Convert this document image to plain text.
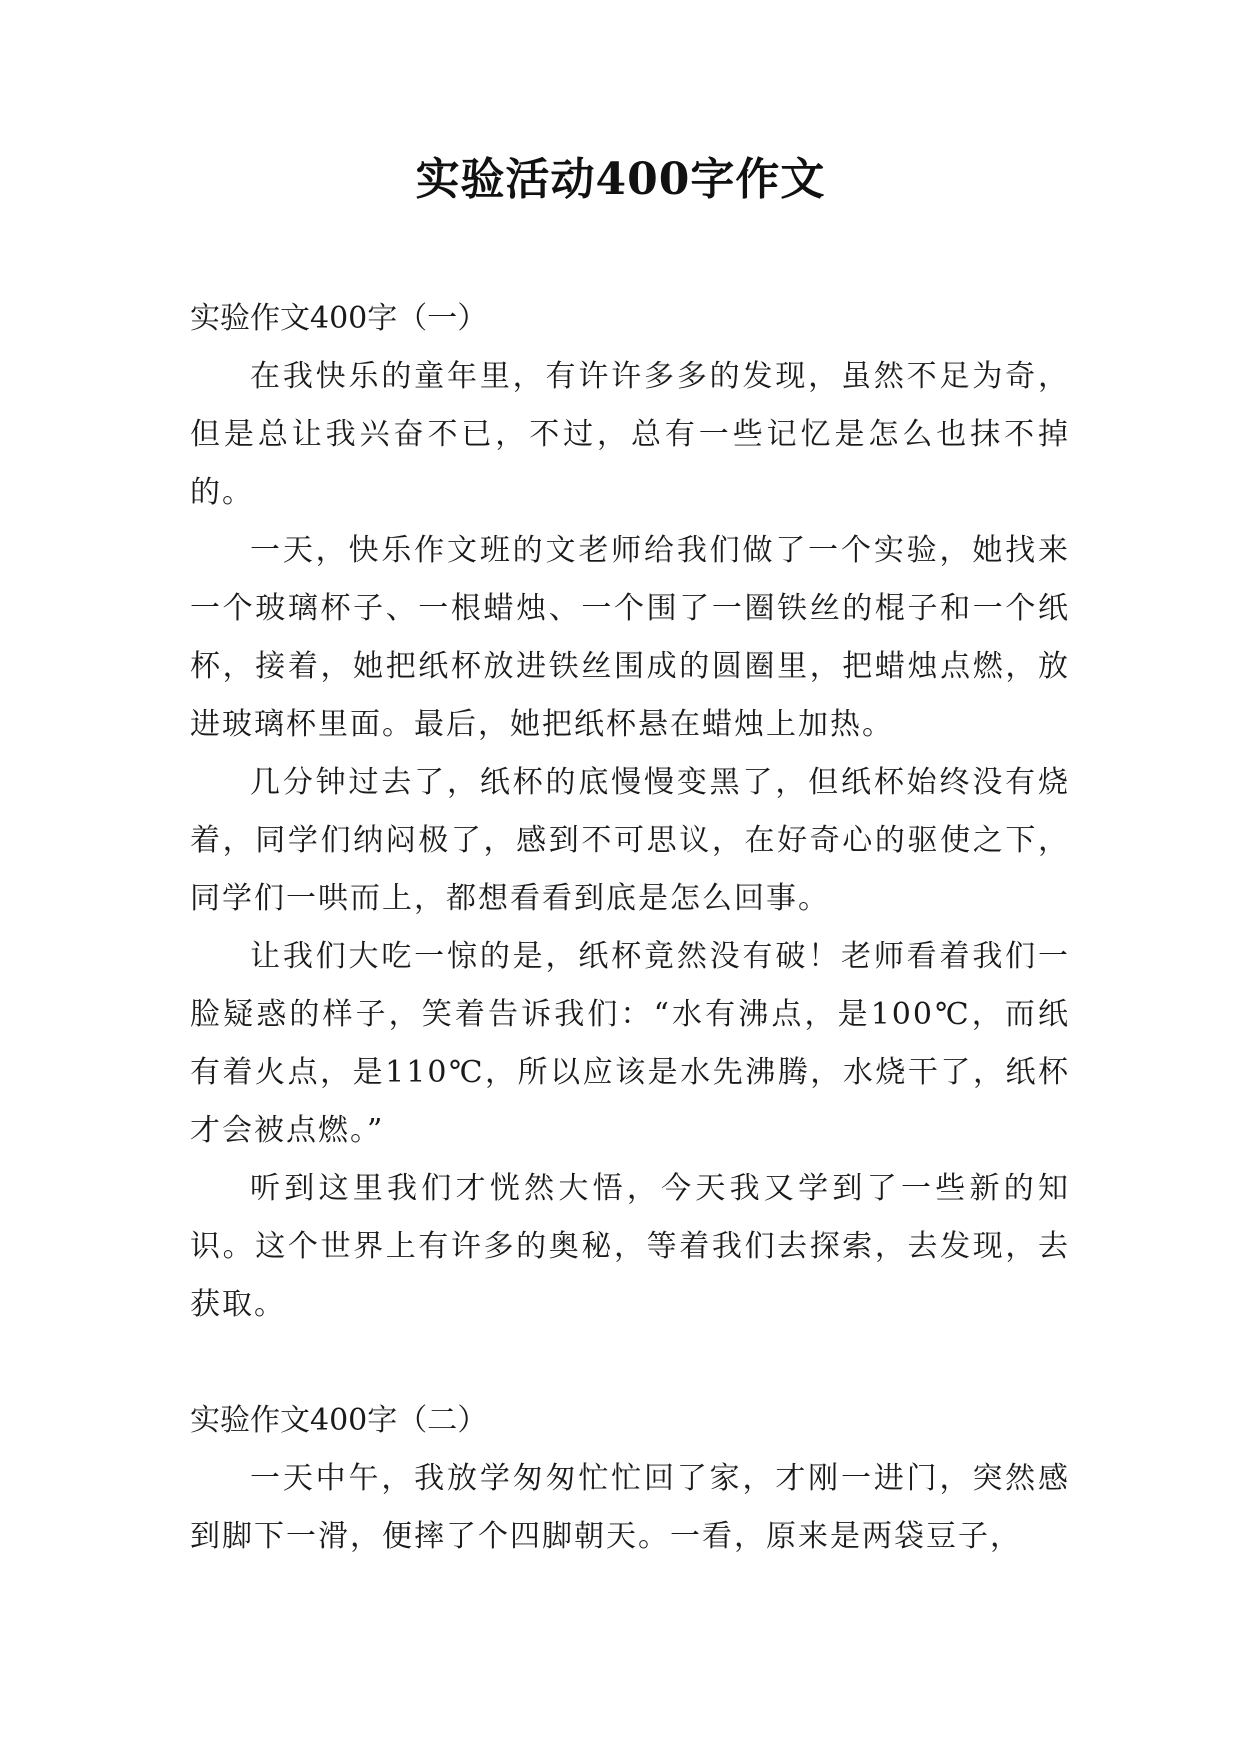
实验活动400字作文

实验作文400字（一）

在我快乐的童年里，有许许多多的发现，虽然不足为奇，但是总让我兴奋不已，不过，总有一些记忆是怎么也抹不掉的。

一天，快乐作文班的文老师给我们做了一个实验，她找来一个玻璃杯子、一根蜡烛、一个围了一圈铁丝的棍子和一个纸杯，接着，她把纸杯放进铁丝围成的圆圈里，把蜡烛点燃，放进玻璃杯里面。最后，她把纸杯悬在蜡烛上加热。

几分钟过去了，纸杯的底慢慢变黑了，但纸杯始终没有烧着，同学们纳闷极了，感到不可思议，在好奇心的驱使之下，同学们一哄而上，都想看看到底是怎么回事。

让我们大吃一惊的是，纸杯竟然没有破！老师看着我们一脸疑惑的样子，笑着告诉我们：“水有沸点，是100℃，而纸有着火点，是110℃，所以应该是水先沸腾，水烧干了，纸杯才会被点燃。”

听到这里我们才恍然大悟，今天我又学到了一些新的知识。这个世界上有许多的奥秘，等着我们去探索，去发现，去获取。

实验作文400字（二）

一天中午，我放学匆匆忙忙回了家，才刚一进门，突然感到脚下一滑，便摔了个四脚朝天。一看，原来是两袋豆子，
